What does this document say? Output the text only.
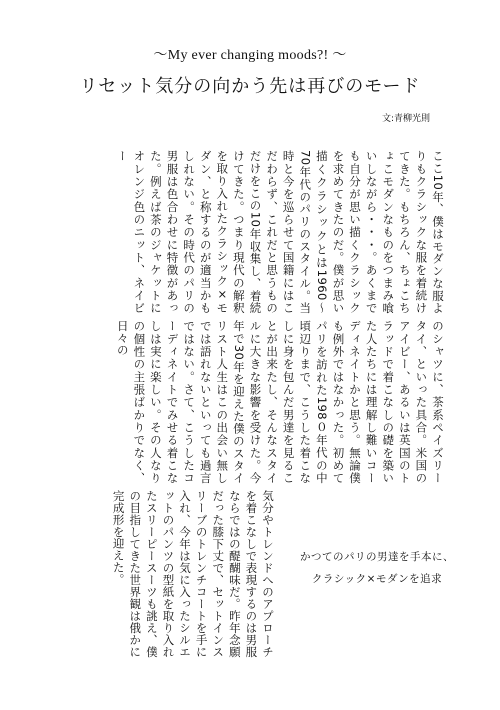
〜My ever changing moods?! 〜
リセット気分の向かう先は再びのモード
文:青柳光則
ここ10年、僕はモダンな服よりもクラシックな服を着続けてきた。もちろん、ちょこちょこモダンなものをつまみ喰いしながら・・・。あくまでも自分が思い描くクラシックを求めてきたのだ。僕が思い描くクラシックとは1960〜70年代のパリのスタイル。当時と今を巡らせて国籍にはこだわらず、これだと思うものだけをこの10年収集し、着続けてきた。つまり現代の解釈を取り入れたクラシック×モダン、と称するのが適当かもしれない。その時代のパリの男服は色合わせに特徴があった。例えば茶のジャケットにオレンジ色のニット、ネイビー
のシャツに、茶系ペイズリータイ、といった具合。米国のアイビー、あるいは英国のトラッドで着こなしの礎を築いた人たちには理解し難いコーディネイトかと思う。無論僕も例外ではなかった。初めてパリを訪れた198０年代の中頃辺りまで、こうした着こなしに身を包んだ男達を見ることが出来たし、そんなスタイルに大きな影響を受けた。今年で30年を迎えた僕のスタイリスト人生はこの出会い無しでは語れないといっても過言ではない。さて、こうしたコーディネイトでみせる着こなしは実に楽しい。その人なりの個性の主張ばかりでなく、日々の
気分やトレンドへのアプローチを着こなしで表現するのは男服ならではの醍醐味だ。昨年念願だった膝下丈で、セットインスリーブのトレンチコートを手に入れ、今年は気に入ったシルエットのパンツの型紙を取り入れたスリーピースーツも誂え、僕の目指してきた世界観は俄かに完成形を迎えた。	かつてのパリの男達を手本に、
クラシック×モダンを追求
